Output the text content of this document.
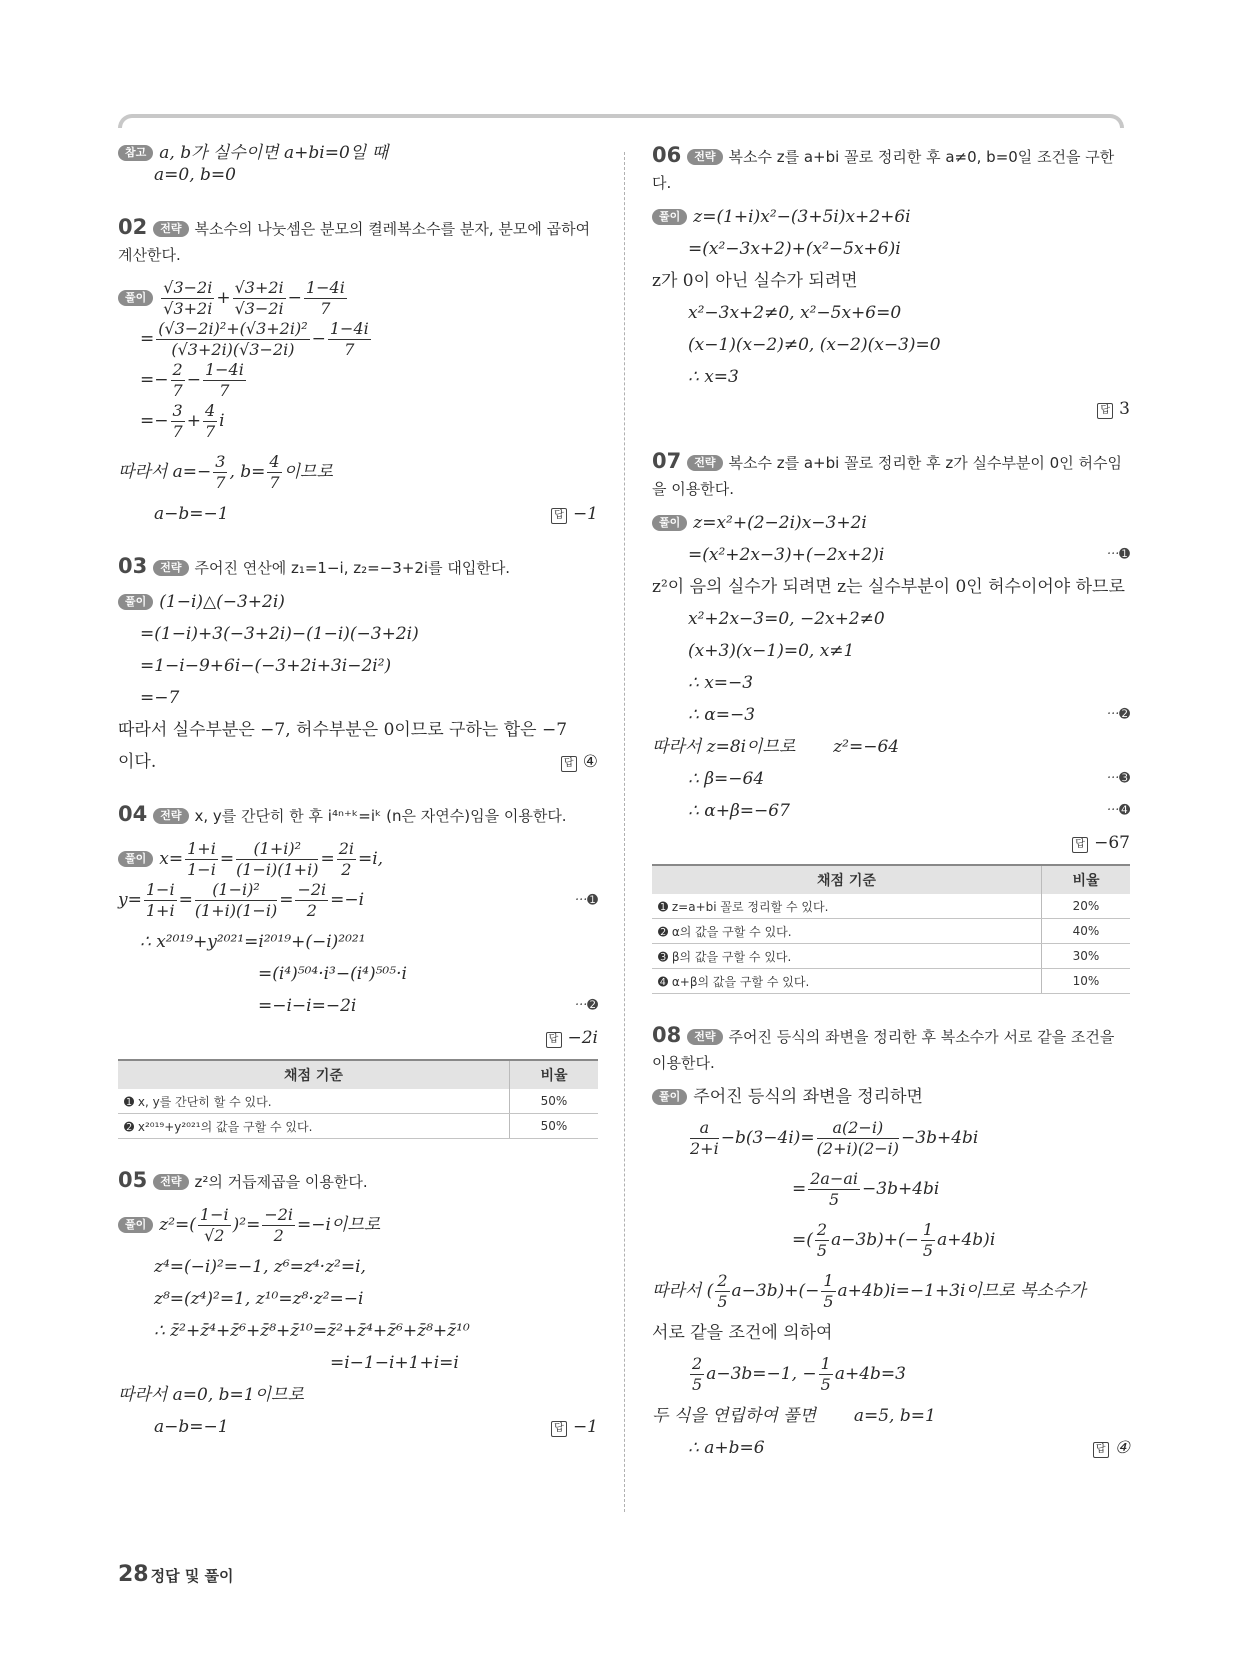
참고 a, b가 실수이면 a+bi=0일 때

a=0, b=0

02 전략 복소수의 나눗셈은 분모의 켤레복소수를 분자, 분모에 곱하여 계산한다.

풀이 $\frac{√3-2i}{√3+2i} + \frac{√3+2i}{√3-2i} - \frac{1-4i}{7}$

= $\frac{\text{(√3−2i)²+(√3+2i)²}}{(√3+2i)(√3-2i)} - \frac{1-4i}{7}$

=− $\frac{2}{7} - \frac{1-4i}{7}$

=− $\frac{3}{7} + \frac{4}{7}$ i

따라서 $a=- \frac{3}{7}$ , $b= \frac{4}{7}$ 이므로

a−b=−1	답 −1
03 전략 주어진 연산에 z₁=1−i, z₂=−3+2i를 대입한다.

풀이 (1−i)△(−3+2i)

=(1−i)+3(−3+2i)−(1−i)(−3+2i)

=1−i−9+6i−(−3+2i+3i−2i²)

=−7

따라서 실수부분은 −7, 허수부분은 0이므로 구하는 합은 −7

이다.	답 ④
04 전략 x, y를 간단히 한 후 i⁴ⁿ⁺ᵏ=iᵏ (n은 자연수)임을 이용한다.

풀이 $x= \frac{1+i}{1-i} = \frac{\text{(1+i)²}}{(1-i)(1+i)} = \frac{2i}{2} =i$,

$y= \frac{1-i}{1+i} = \frac{\text{(1−i)²}}{(1+i)(1-i)} = \frac{-2i}{2} =-i$	···➊

∴ x²⁰¹⁹+y²⁰²¹=i²⁰¹⁹+(−i)²⁰²¹

=(i⁴)⁵⁰⁴·i³−(i⁴)⁵⁰⁵·i

=−i−i=−2i	···➋
답 −2i
채점 기준	비율
➊ x, y를 간단히 할 수 있다.	50%
➋ x²⁰¹⁹+y²⁰²¹의 값을 구할 수 있다.	50%
05 전략 z²의 거듭제곱을 이용한다.

풀이 $z^2=( \frac{1-i}{√2} )^2= \frac{-2i}{2} =-i$이므로

z⁴=(−i)²=−1, z⁶=z⁴·z²=i,

z⁸=(z⁴)²=1, z¹⁰=z⁸·z²=−i

∴ z̄²+z̄⁴+z̄⁶+z̄⁸+z̄¹⁰=z̄²+z̄⁴+z̄⁶+z̄⁸+z̄¹⁰

=i−1−i+1+i=i

따라서 a=0, b=1이므로

a−b=−1	답 −1
06 전략 복소수 z를 a+bi 꼴로 정리한 후 a≠0, b=0일 조건을 구한다.

풀이 z=(1+i)x²−(3+5i)x+2+6i

=(x²−3x+2)+(x²−5x+6)i

z가 0이 아닌 실수가 되려면

x²−3x+2≠0, x²−5x+6=0

(x−1)(x−2)≠0, (x−2)(x−3)=0

∴ x=3

답 3
07 전략 복소수 z를 a+bi 꼴로 정리한 후 z가 실수부분이 0인 허수임을 이용한다.

풀이 z=x²+(2−2i)x−3+2i

=(x²+2x−3)+(−2x+2)i	···➊

z²이 음의 실수가 되려면 z는 실수부분이 0인 허수이어야 하므로

x²+2x−3=0, −2x+2≠0

(x+3)(x−1)=0, x≠1

∴ x=−3

∴ α=−3	···➋

따라서 z=8i이므로 z²=−64

∴ β=−64	···➌
∴ α+β=−67	···➍
답 −67
채점 기준	비율
➊ z=a+bi 꼴로 정리할 수 있다.	20%
➋ α의 값을 구할 수 있다.	40%
➌ β의 값을 구할 수 있다.	30%
➍ α+β의 값을 구할 수 있다.	10%
08 전략 주어진 등식의 좌변을 정리한 후 복소수가 서로 같을 조건을 이용한다.

풀이 주어진 등식의 좌변을 정리하면

$\frac{a}{2+i} -b(3-4i)= \frac{a(2-i)}{(2+i)(2-i)} -3b+4bi$

= $\frac{2a-ai}{5} -3b+4bi$

=( $\frac{2}{5} a-3b)+(- \frac{1}{5} a+4b)i$

따라서 ( $\frac{2}{5} a-3b)+(- \frac{1}{5} a+4b)i=-1+3i$이므로 복소수가

서로 같을 조건에 의하여

$\frac{2}{5} a-3b=-1$, − $\frac{1}{5} a+4b=3$

두 식을 연립하여 풀면 a=5, b=1

∴ a+b=6	답 ④
28 정답 및 풀이
